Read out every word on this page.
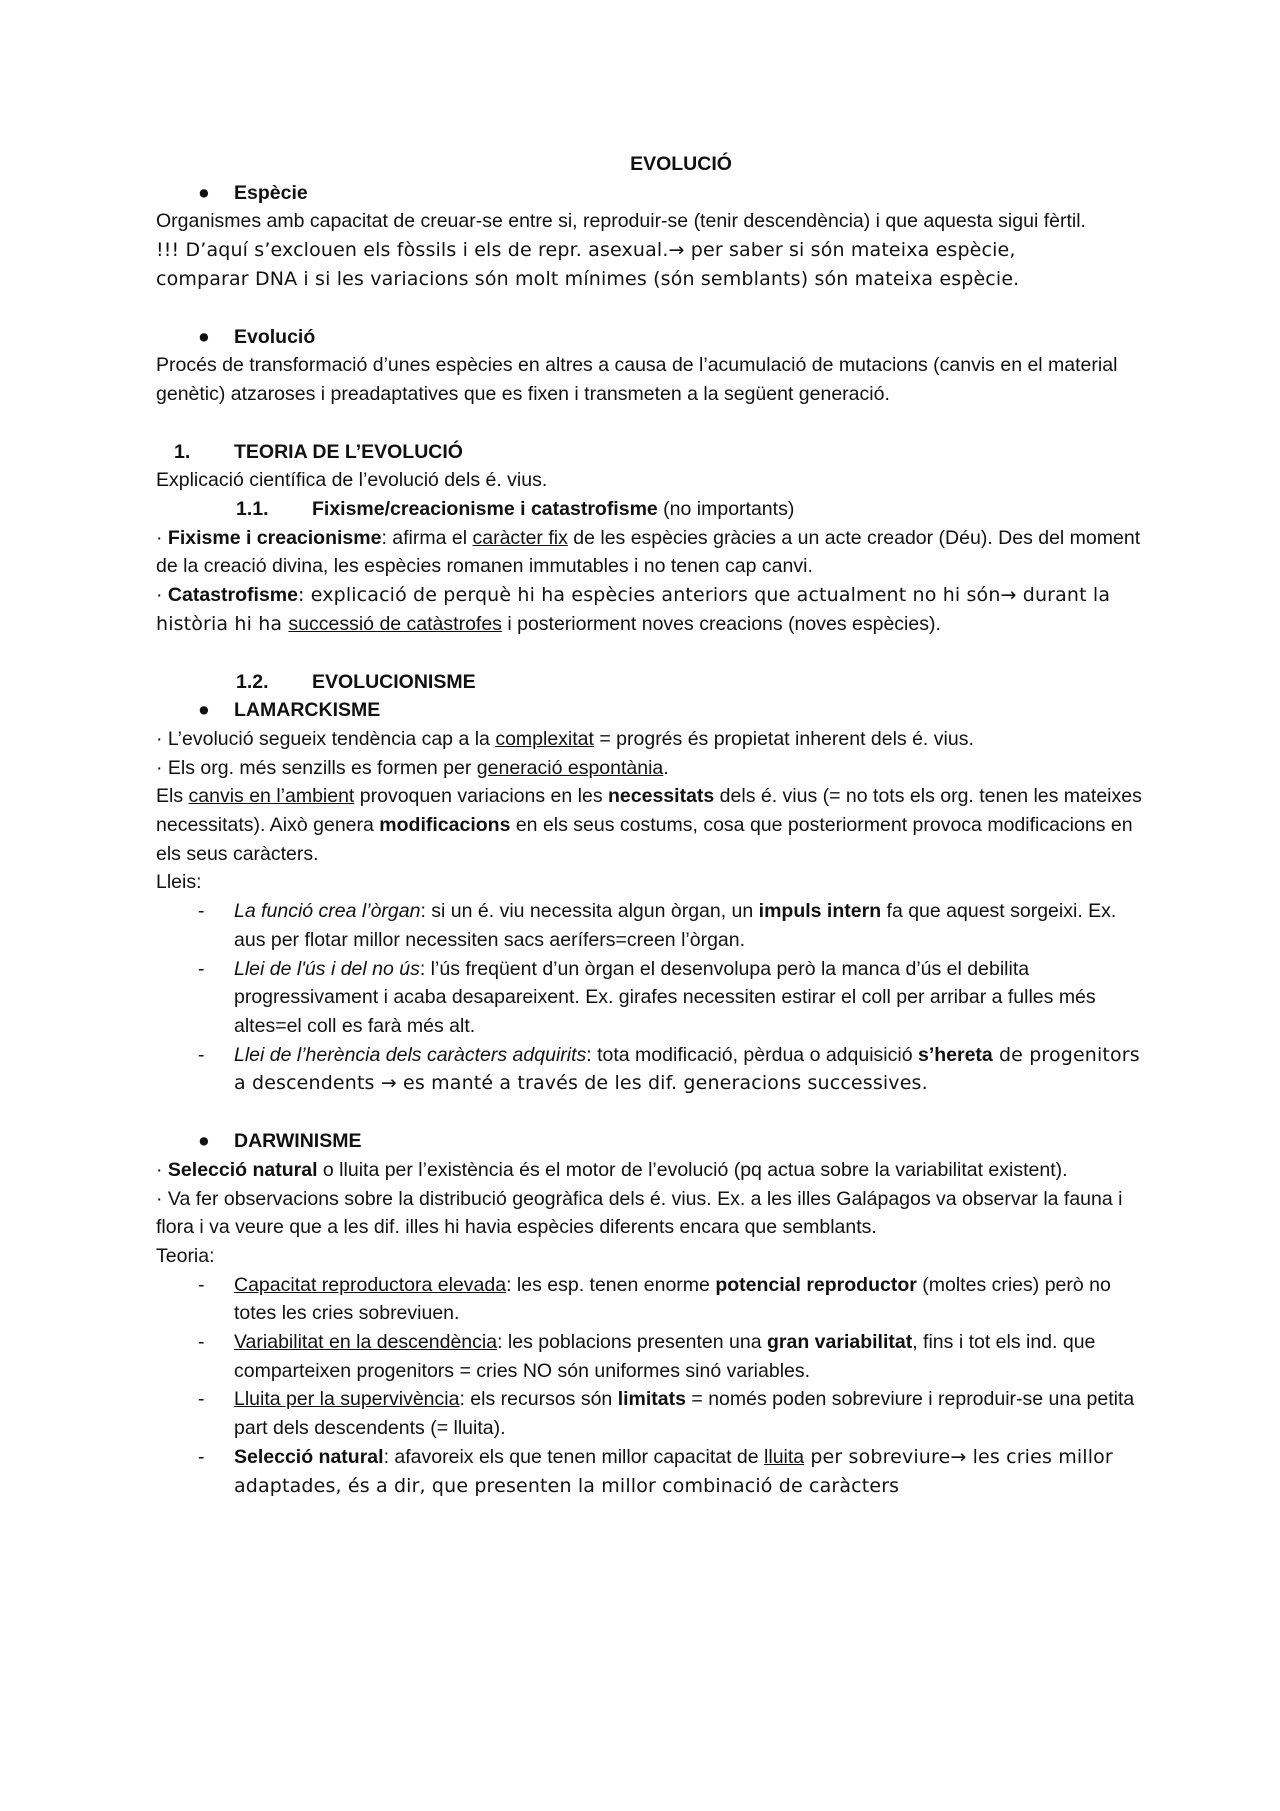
EVOLUCIÓ

● Espècie

Organismes amb capacitat de creuar-se entre si, reproduir-se (tenir descendència) i que aquesta sigui fèrtil.

!!! D’aquí s’exclouen els fòssils i els de repr. asexual.→ per saber si són mateixa espècie,

comparar DNA i si les variacions són molt mínimes (són semblants) són mateixa espècie.

● Evolució

Procés de transformació d’unes espècies en altres a causa de l’acumulació de mutacions (canvis en el material genètic) atzaroses i preadaptatives que es fixen i transmeten a la següent generació.

1. TEORIA DE L’EVOLUCIÓ

Explicació científica de l’evolució dels é. vius.

1.1. Fixisme/creacionisme i catastrofisme (no importants)

· Fixisme i creacionisme: afirma el caràcter fix de les espècies gràcies a un acte creador (Déu). Des del moment de la creació divina, les espècies romanen immutables i no tenen cap canvi.

· Catastrofisme: explicació de perquè hi ha espècies anteriors que actualment no hi són→ durant la història hi ha successió de catàstrofes i posteriorment noves creacions (noves espècies).

1.2. EVOLUCIONISME

● LAMARCKISME

· L’evolució segueix tendència cap a la complexitat = progrés és propietat inherent dels é. vius.

· Els org. més senzills es formen per generació espontània.

Els canvis en l’ambient provoquen variacions en les necessitats dels é. vius (= no tots els org. tenen les mateixes necessitats). Això genera modificacions en els seus costums, cosa que posteriorment provoca modificacions en els seus caràcters.

Lleis:

- La funció crea l’òrgan: si un é. viu necessita algun òrgan, un impuls intern fa que aquest sorgeixi. Ex. aus per flotar millor necessiten sacs aerífers=creen l’òrgan.

- Llei de l'ús i del no ús: l’ús freqüent d’un òrgan el desenvolupa però la manca d’ús el debilita progressivament i acaba desapareixent. Ex. girafes necessiten estirar el coll per arribar a fulles més altes=el coll es farà més alt.

- Llei de l’herència dels caràcters adquirits: tota modificació, pèrdua o adquisició s’hereta de progenitors a descendents → es manté a través de les dif. generacions successives.

● DARWINISME

· Selecció natural o lluita per l’existència és el motor de l’evolució (pq actua sobre la variabilitat existent).

· Va fer observacions sobre la distribució geogràfica dels é. vius. Ex. a les illes Galápagos va observar la fauna i flora i va veure que a les dif. illes hi havia espècies diferents encara que semblants.

Teoria:

- Capacitat reproductora elevada: les esp. tenen enorme potencial reproductor (moltes cries) però no totes les cries sobreviuen.

- Variabilitat en la descendència: les poblacions presenten una gran variabilitat, fins i tot els ind. que comparteixen progenitors = cries NO són uniformes sinó variables.

- Lluita per la supervivència: els recursos són limitats = només poden sobreviure i reproduir-se una petita part dels descendents (= lluita).

- Selecció natural: afavoreix els que tenen millor capacitat de lluita per sobreviure→ les cries millor adaptades, és a dir, que presenten la millor combinació de caràcters
